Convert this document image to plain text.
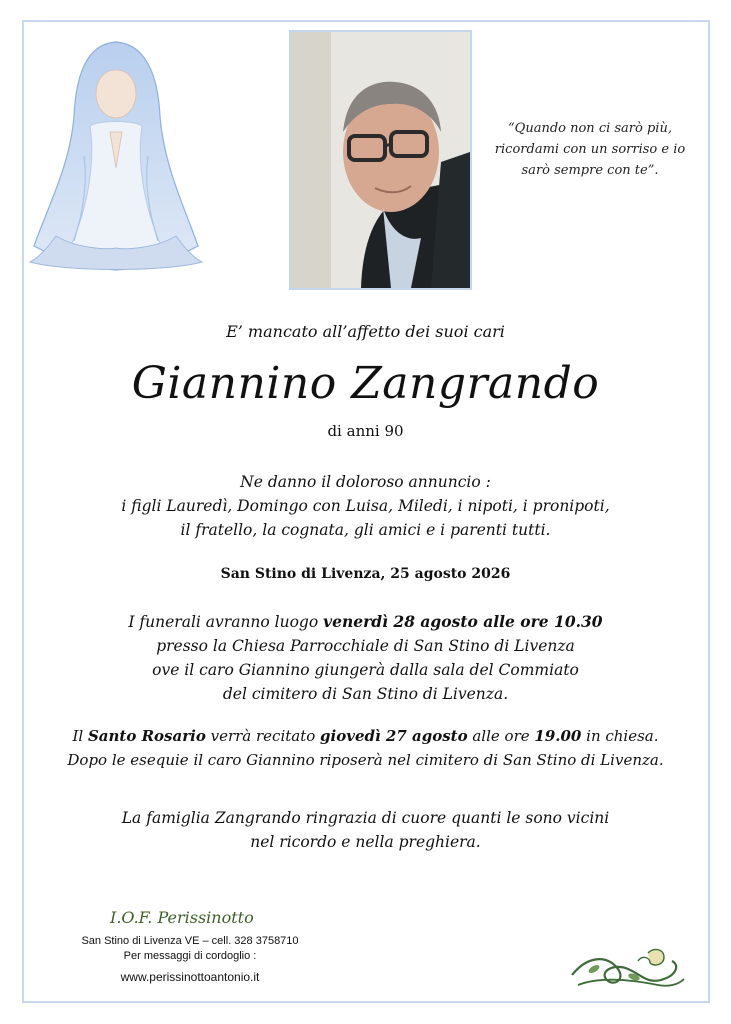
“Quando non ci sarò più,
ricordami con un sorriso e io
sarò sempre con te”.
E’ mancato all’affetto dei suoi cari
Giannino Zangrando
di anni 90
Ne danno il doloroso annuncio :
i figli Lauredì, Domingo con Luisa, Miledi, i nipoti, i pronipoti,
il fratello, la cognata, gli amici e i parenti tutti.
San Stino di Livenza, 25 agosto 2026
I funerali avranno luogo venerdì 28 agosto alle ore 10.30
presso la Chiesa Parrocchiale di San Stino di Livenza
ove il caro Giannino giungerà dalla sala del Commiato
del cimitero di San Stino di Livenza.
Il Santo Rosario verrà recitato giovedì 27 agosto alle ore 19.00 in chiesa.
Dopo le esequie il caro Giannino riposerà nel cimitero di San Stino di Livenza.
La famiglia Zangrando ringrazia di cuore quanti le sono vicini
nel ricordo e nella preghiera.
I.O.F. Perissinotto
San Stino di Livenza VE – cell. 328 3758710
Per messaggi di cordoglio :
www.perissinottoantonio.it
